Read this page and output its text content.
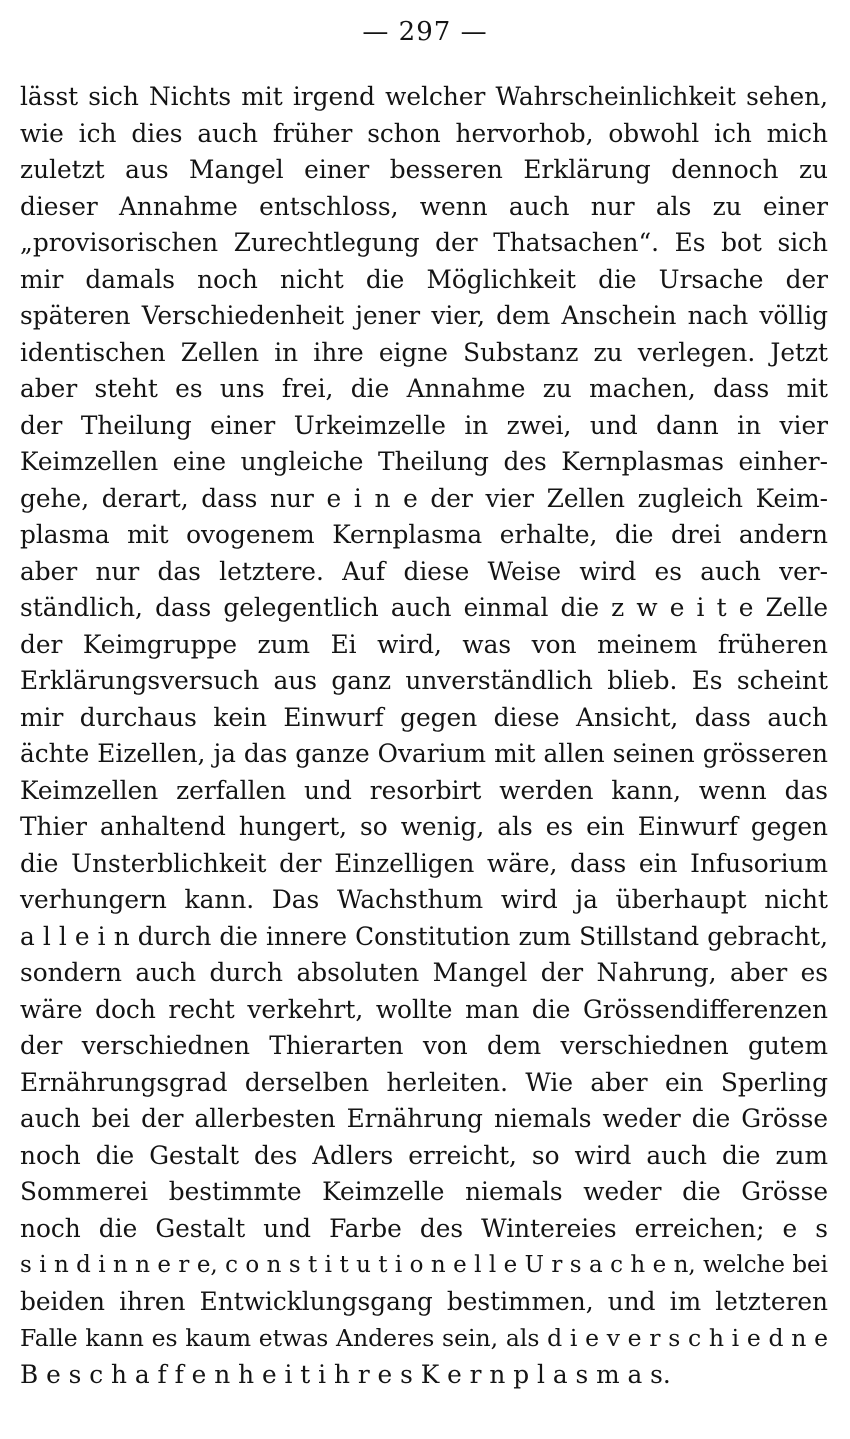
— 297 —
lässt sich Nichts mit irgend welcher Wahrscheinlichkeit sehen,
wie ich dies auch früher schon hervorhob, obwohl ich mich
zuletzt aus Mangel einer besseren Erklärung dennoch zu
dieser Annahme entschloss, wenn auch nur als zu einer
„provisorischen Zurechtlegung der Thatsachen“. Es bot sich
mir damals noch nicht die Möglichkeit die Ursache der
späteren Verschiedenheit jener vier, dem Anschein nach völlig
identischen Zellen in ihre eigne Substanz zu verlegen. Jetzt
aber steht es uns frei, die Annahme zu machen, dass mit
der Theilung einer Urkeimzelle in zwei, und dann in vier
Keimzellen eine ungleiche Theilung des Kernplasmas einher-
gehe, derart, dass nur e i n e der vier Zellen zugleich Keim-
plasma mit ovogenem Kernplasma erhalte, die drei andern
aber nur das letztere. Auf diese Weise wird es auch ver-
ständlich, dass gelegentlich auch einmal die z w e i t e Zelle
der Keimgruppe zum Ei wird, was von meinem früheren
Erklärungsversuch aus ganz unverständlich blieb. Es scheint
mir durchaus kein Einwurf gegen diese Ansicht, dass auch
ächte Eizellen, ja das ganze Ovarium mit allen seinen grösseren
Keimzellen zerfallen und resorbirt werden kann, wenn das
Thier anhaltend hungert, so wenig, als es ein Einwurf gegen
die Unsterblichkeit der Einzelligen wäre, dass ein Infusorium
verhungern kann. Das Wachsthum wird ja überhaupt nicht
a l l e i n durch die innere Constitution zum Stillstand gebracht,
sondern auch durch absoluten Mangel der Nahrung, aber es
wäre doch recht verkehrt, wollte man die Grössendifferenzen
der verschiednen Thierarten von dem verschiednen gutem
Ernährungsgrad derselben herleiten. Wie aber ein Sperling
auch bei der allerbesten Ernährung niemals weder die Grösse
noch die Gestalt des Adlers erreicht, so wird auch die zum
Sommerei bestimmte Keimzelle niemals weder die Grösse
noch die Gestalt und Farbe des Wintereies erreichen; e s
s i n d i n n e r e, c o n s t i t u t i o n e l l e U r s a c h e n, welche bei
beiden ihren Entwicklungsgang bestimmen, und im letzteren
Falle kann es kaum etwas Anderes sein, als d i e v e r s c h i e d n e
B e s c h a f f e n h e i t i h r e s K e r n p l a s m a s.
